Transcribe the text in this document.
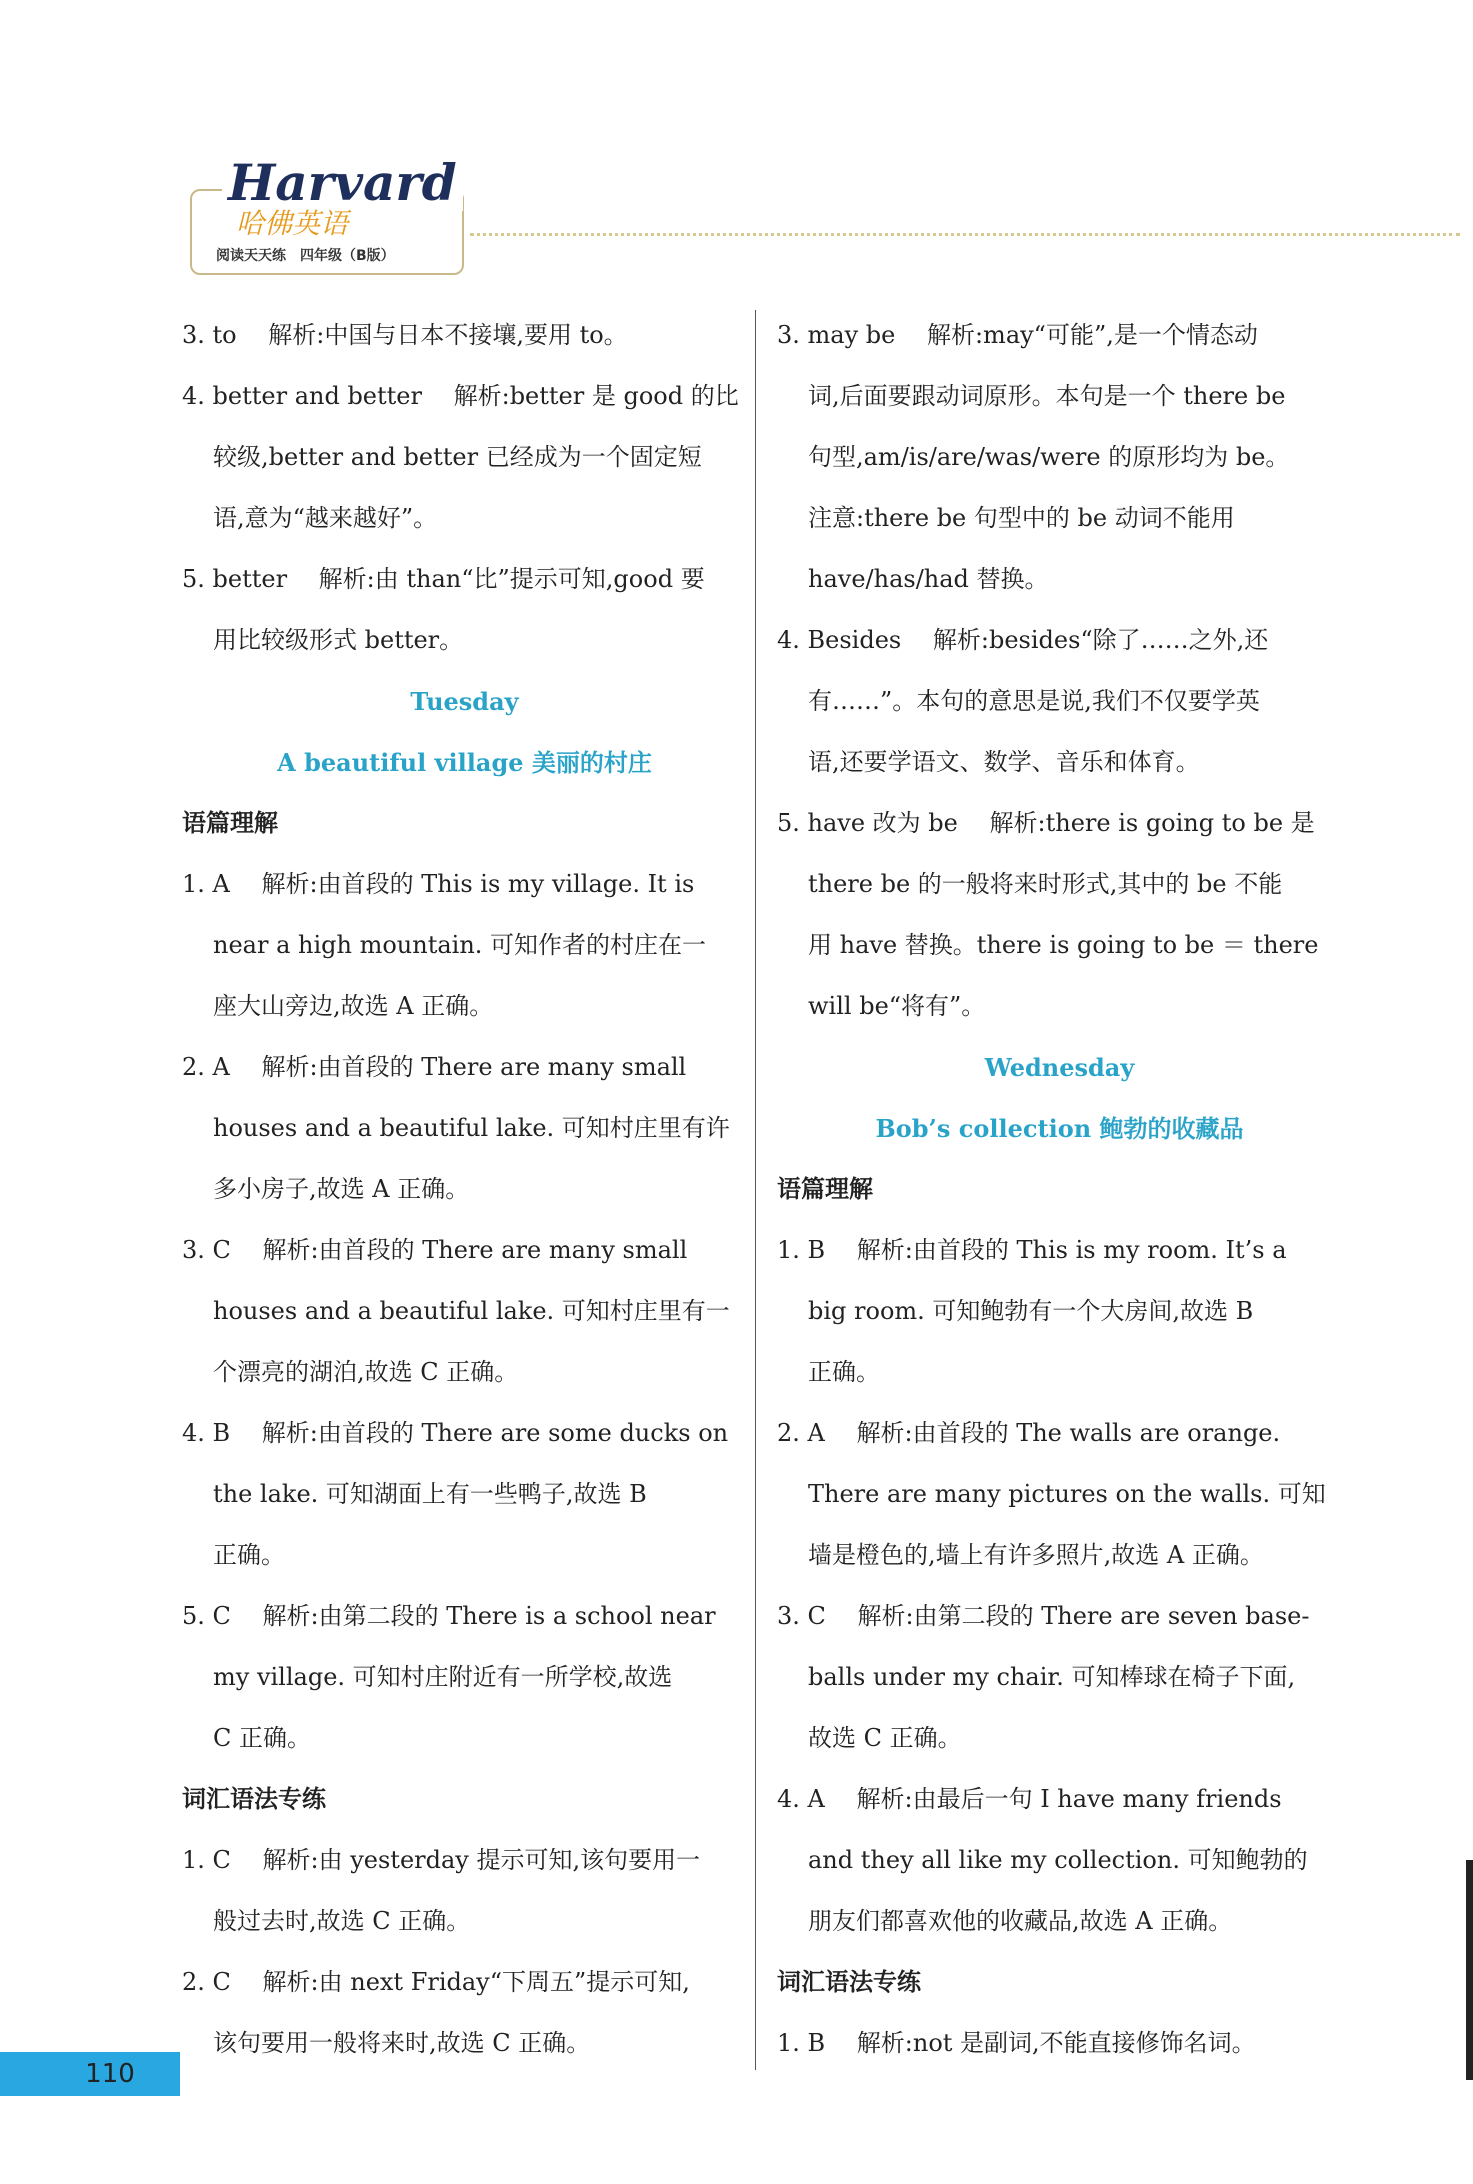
Harvard
哈佛英语
阅读天天练　四年级（B版）
3. to　 解析:中国与日本不接壤,要用 to。
4. better and better　 解析:better 是 good 的比
较级,better and better 已经成为一个固定短
语,意为“越来越好”。
5. better　 解析:由 than“比”提示可知,good 要
用比较级形式 better。
Tuesday
A beautiful village 美丽的村庄
语篇理解
1. A　 解析:由首段的 This is my village. It is
near a high mountain. 可知作者的村庄在一
座大山旁边,故选 A 正确。
2. A　 解析:由首段的 There are many small
houses and a beautiful lake. 可知村庄里有许
多小房子,故选 A 正确。
3. C　 解析:由首段的 There are many small
houses and a beautiful lake. 可知村庄里有一
个漂亮的湖泊,故选 C 正确。
4. B　 解析:由首段的 There are some ducks on
the lake. 可知湖面上有一些鸭子,故选 B
正确。
5. C　 解析:由第二段的 There is a school near
my village. 可知村庄附近有一所学校,故选
C 正确。
词汇语法专练
1. C　 解析:由 yesterday 提示可知,该句要用一
般过去时,故选 C 正确。
2. C　 解析:由 next Friday“下周五”提示可知,
该句要用一般将来时,故选 C 正确。
3. may be　 解析:may“可能”,是一个情态动
词,后面要跟动词原形。本句是一个 there be
句型,am/is/are/was/were 的原形均为 be。
注意:there be 句型中的 be 动词不能用
have/has/had 替换。
4. Besides　 解析:besides“除了……之外,还
有……”。本句的意思是说,我们不仅要学英
语,还要学语文、数学、音乐和体育。
5. have 改为 be　 解析:there is going to be 是
there be 的一般将来时形式,其中的 be 不能
用 have 替换。there is going to be ＝ there
will be“将有”。
Wednesday
Bob’s collection 鲍勃的收藏品
语篇理解
1. B　 解析:由首段的 This is my room. It’s a
big room. 可知鲍勃有一个大房间,故选 B
正确。
2. A　 解析:由首段的 The walls are orange.
There are many pictures on the walls. 可知
墙是橙色的,墙上有许多照片,故选 A 正确。
3. C　 解析:由第二段的 There are seven base-
balls under my chair. 可知棒球在椅子下面,
故选 C 正确。
4. A　 解析:由最后一句 I have many friends
and they all like my collection. 可知鲍勃的
朋友们都喜欢他的收藏品,故选 A 正确。
词汇语法专练
1. B　 解析:not 是副词,不能直接修饰名词。
110
